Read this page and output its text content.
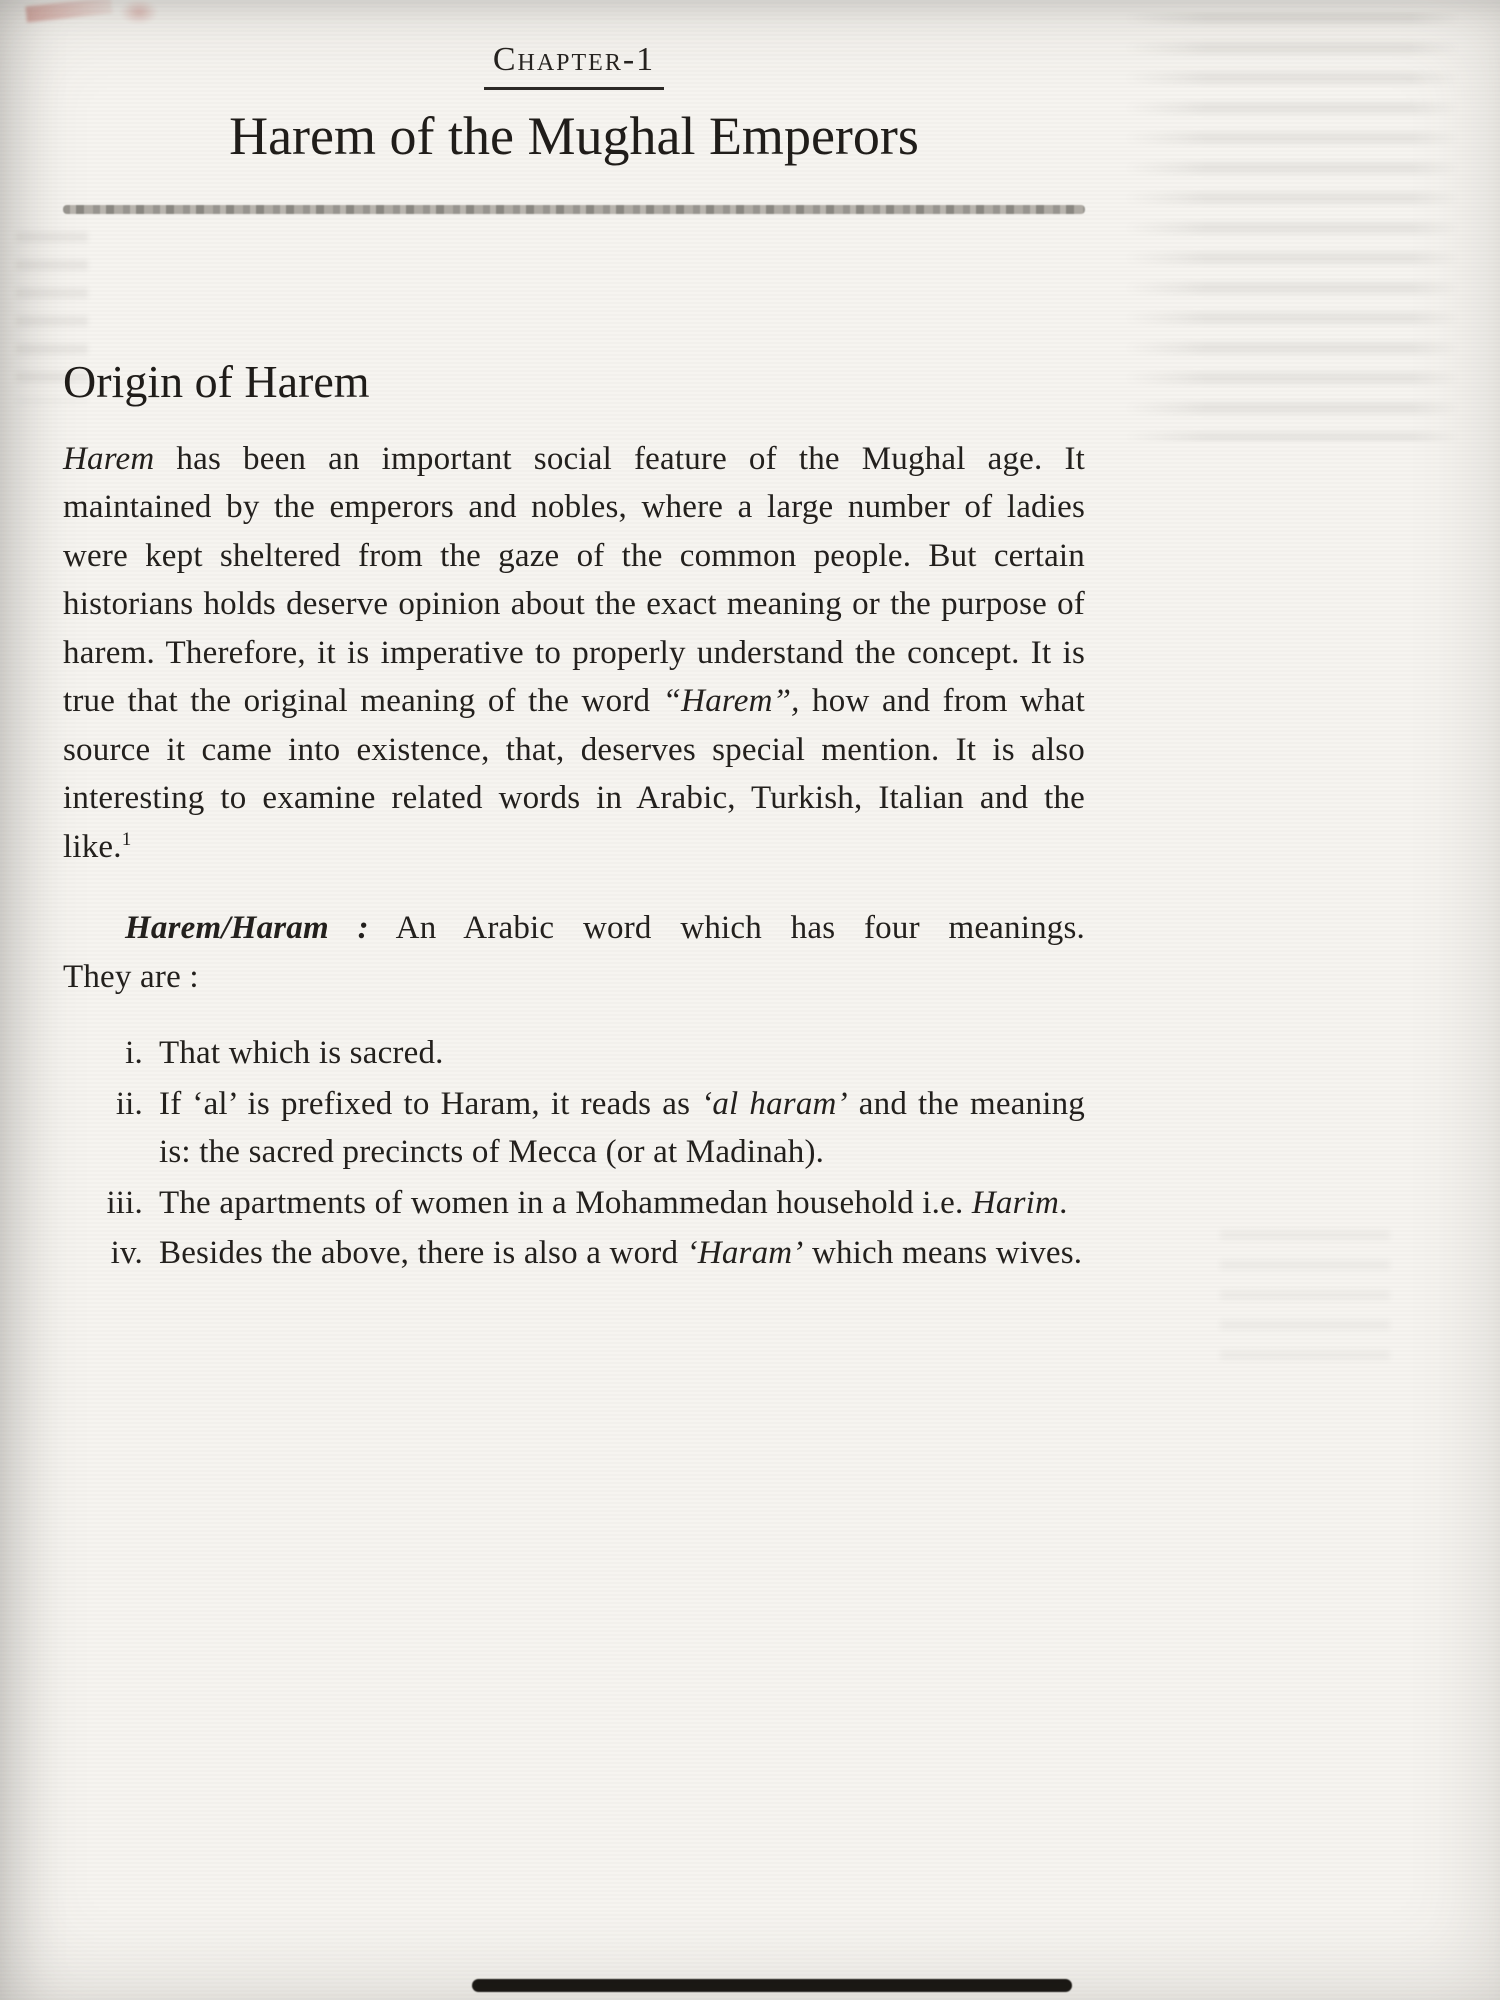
Chapter-1
Harem of the Mughal Emperors
Origin of Harem

Harem has been an important social feature of the Mughal age. It maintained by the emperors and nobles, where a large number of ladies were kept sheltered from the gaze of the common people. But certain historians holds deserve opinion about the exact meaning or the purpose of harem. Therefore, it is imperative to properly understand the concept. It is true that the original meaning of the word “Harem”, how and from what source it came into existence, that, deserves special mention. It is also interesting to examine related words in Arabic, Turkish, Italian and the like.$^1$

Harem/Haram : An Arabic word which has four meanings.
They are :
i. That which is sacred.
ii. If ‘al’ is prefixed to Haram, it reads as ‘al haram’ and the meaning is: the sacred precincts of Mecca (or at Madinah).
iii. The apartments of women in a Mohammedan household i.e. Harim.
iv. Besides the above, there is also a word ‘Haram’ which means wives.
